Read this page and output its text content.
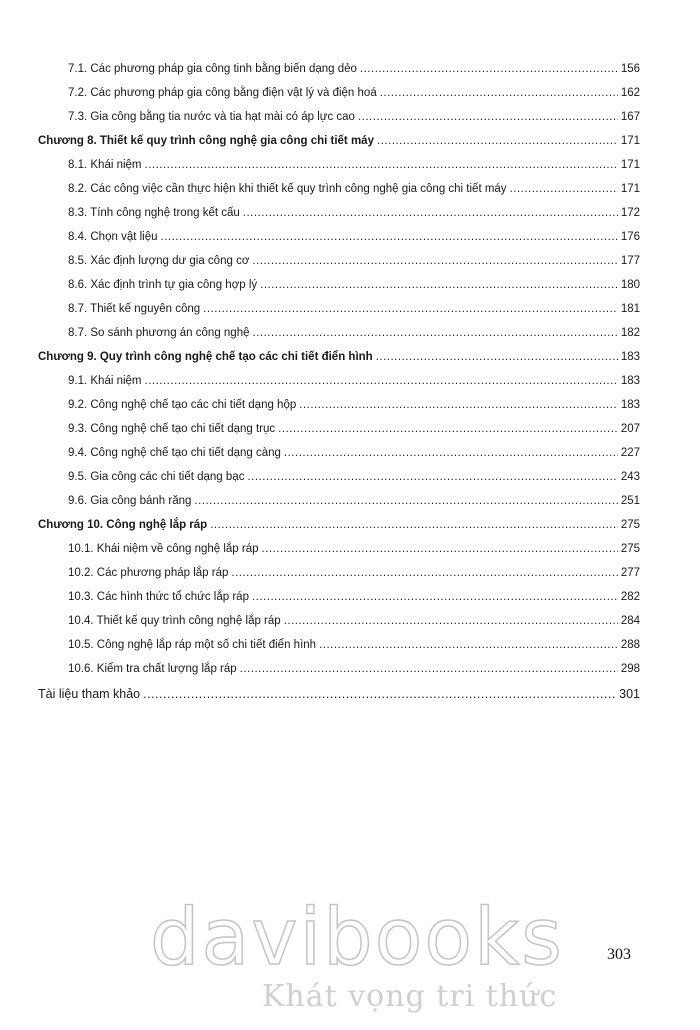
7.1. Các phương pháp gia công tinh bằng biến dạng dẻo .....	156
7.2. Các phương pháp gia công bằng điện vật lý và điện hoá .....	162
7.3. Gia công bằng tia nước và tia hạt mài có áp lực cao .....	167
Chương 8. Thiết kế quy trình công nghệ gia công chi tiết máy .....	171
8.1. Khái niệm .....	171
8.2. Các công việc cần thực hiện khi thiết kế quy trình công nghệ gia công chi tiết máy .....	171
8.3. Tính công nghệ trong kết cấu .....	172
8.4. Chọn vật liệu .....	176
8.5. Xác định lượng dư gia công cơ .....	177
8.6. Xác định trình tự gia công hợp lý .....	180
8.7. Thiết kế nguyên công .....	181
8.7. So sánh phương án công nghệ .....	182
Chương 9. Quy trình công nghệ chế tạo các chi tiết điển hình .....	183
9.1. Khái niệm .....	183
9.2. Công nghệ chế tạo các chi tiết dạng hộp .....	183
9.3. Công nghệ chế tạo chi tiết dạng trục .....	207
9.4. Công nghệ chế tạo chi tiết dạng càng .....	227
9.5. Gia công các chi tiết dạng bạc .....	243
9.6. Gia công bánh răng .....	251
Chương 10. Công nghệ lắp ráp .....	275
10.1. Khái niệm về công nghệ lắp ráp .....	275
10.2. Các phương pháp lắp ráp .....	277
10.3. Các hình thức tổ chức lắp ráp .....	282
10.4. Thiết kế quy trình công nghệ lắp ráp .....	284
10.5. Công nghệ lắp ráp một số chi tiết điển hình .....	288
10.6. Kiểm tra chất lượng lắp ráp .....	298
Tài liệu tham khảo .....	301
303
davibooks
Khát vọng tri thức
